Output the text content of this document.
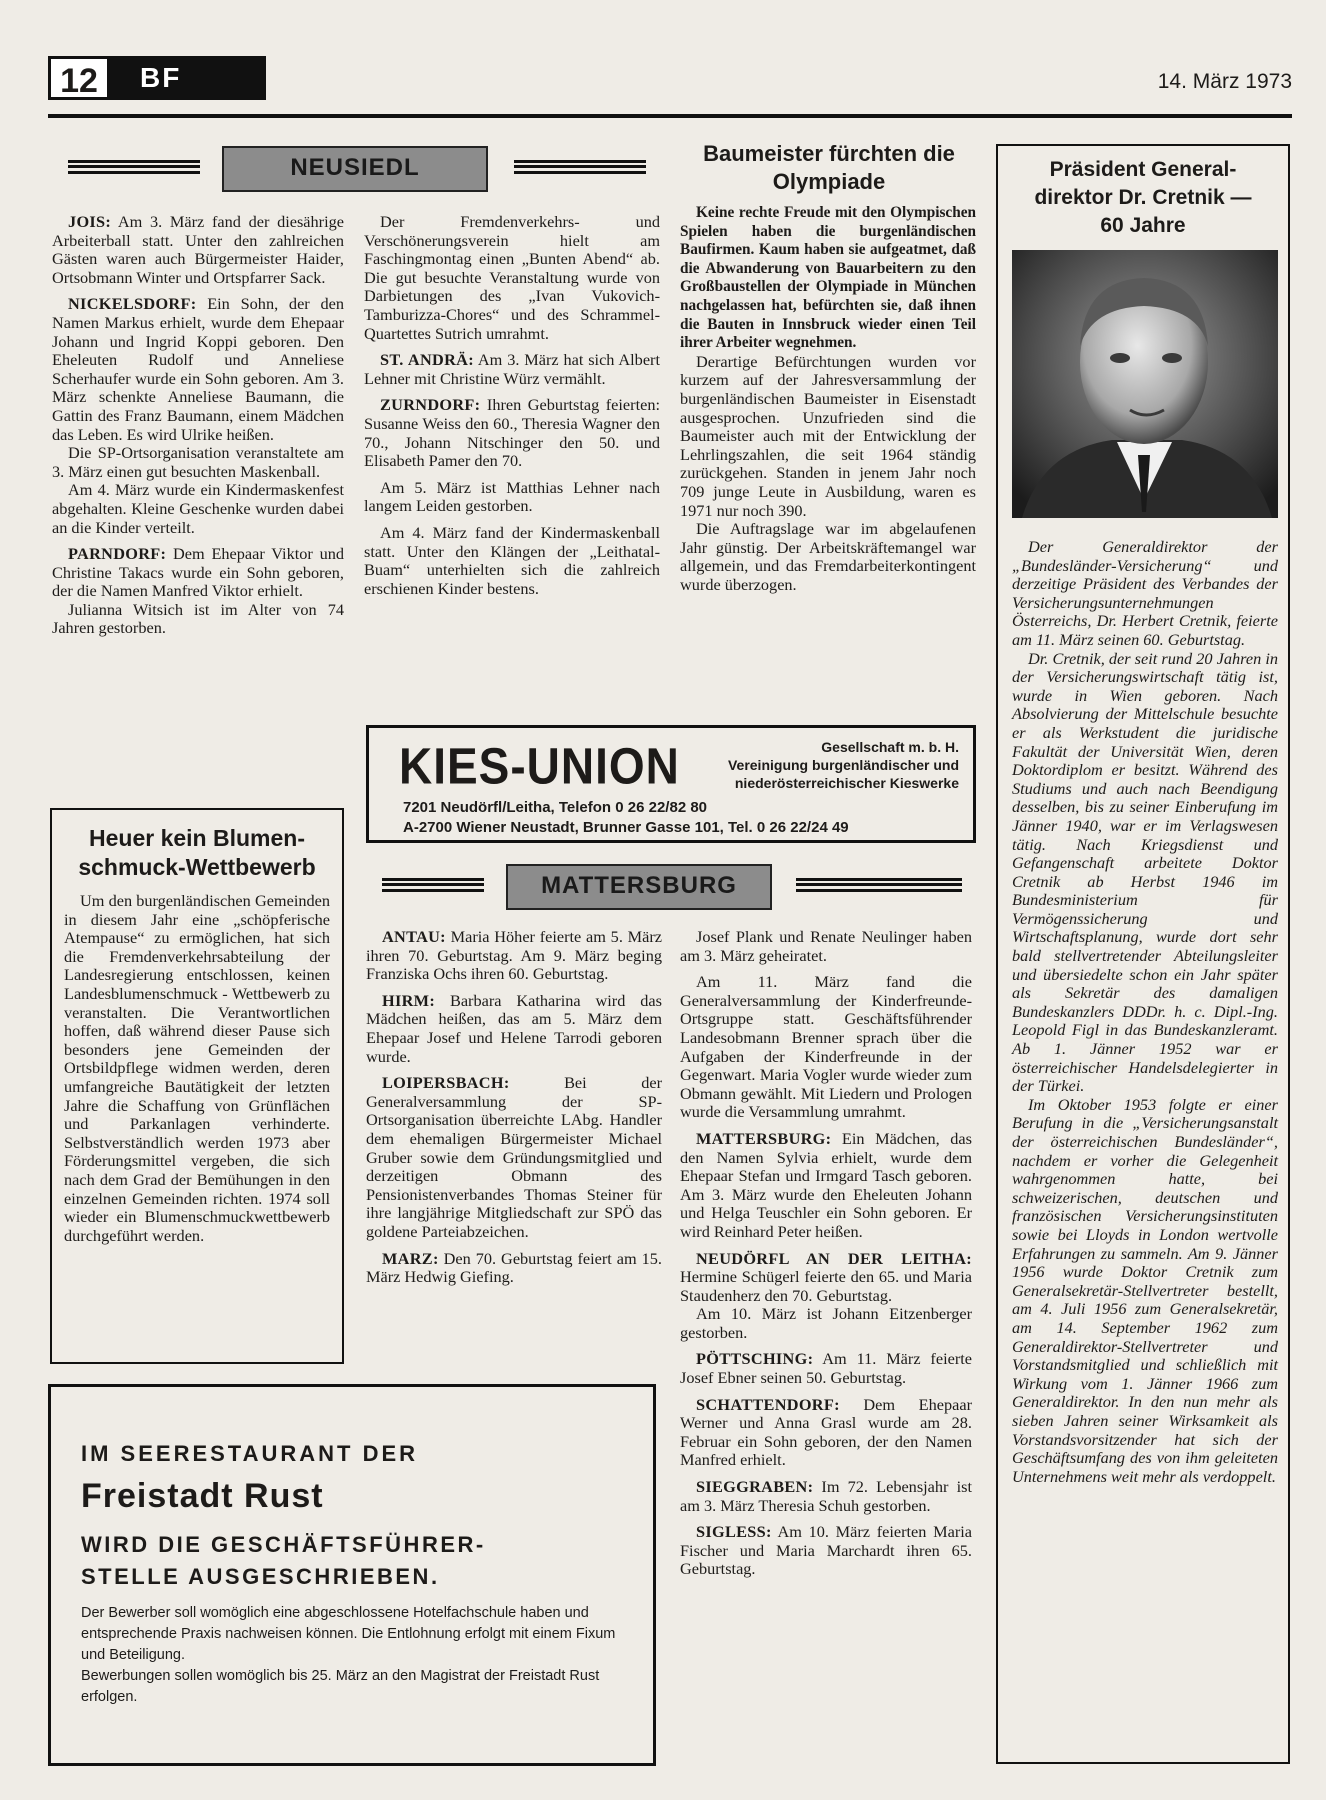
12	BF	14. März 1973
NEUSIEDL

JOIS: Am 3. März fand der diesährige Arbeiterball statt. Unter den zahlreichen Gästen waren auch Bürgermeister Haider, Ortsobmann Winter und Ortspfarrer Sack.

NICKELSDORF: Ein Sohn, der den Namen Markus erhielt, wurde dem Ehepaar Johann und Ingrid Koppi geboren. Den Eheleuten Rudolf und Anneliese Scherhaufer wurde ein Sohn geboren. Am 3. März schenkte Anneliese Baumann, die Gattin des Franz Baumann, einem Mädchen das Leben. Es wird Ulrike heißen.

Die SP-Ortsorganisation veranstaltete am 3. März einen gut besuchten Maskenball.

Am 4. März wurde ein Kindermaskenfest abgehalten. Kleine Geschenke wurden dabei an die Kinder verteilt.

PARNDORF: Dem Ehepaar Viktor und Christine Takacs wurde ein Sohn geboren, der die Namen Manfred Viktor erhielt.

Julianna Witsich ist im Alter von 74 Jahren gestorben.

Der Fremdenverkehrs- und Verschönerungsverein hielt am Faschingmontag einen „Bunten Abend“ ab. Die gut besuchte Veranstaltung wurde von Darbietungen des „Ivan Vukovich-Tamburizza-Chores“ und des Schrammel-Quartettes Sutrich umrahmt.

ST. ANDRÄ: Am 3. März hat sich Albert Lehner mit Christine Würz vermählt.

ZURNDORF: Ihren Geburtstag feierten: Susanne Weiss den 60., Theresia Wagner den 70., Johann Nitschinger den 50. und Elisabeth Pamer den 70.

Am 5. März ist Matthias Lehner nach langem Leiden gestorben.

Am 4. März fand der Kindermaskenball statt. Unter den Klängen der „Leithatal-Buam“ unterhielten sich die zahlreich erschienen Kinder bestens.

Heuer kein Blumen-
schmuck-Wettbewerb

Um den burgenländischen Gemeinden in diesem Jahr eine „schöpferische Atempause“ zu ermöglichen, hat sich die Fremdenverkehrsabteilung der Landesregierung entschlossen, keinen Landesblumenschmuck - Wettbewerb zu veranstalten. Die Verantwortlichen hoffen, daß während dieser Pause sich besonders jene Gemeinden der Ortsbildpflege widmen werden, deren umfangreiche Bautätigkeit der letzten Jahre die Schaffung von Grünflächen und Parkanlagen verhinderte. Selbstverständlich werden 1973 aber Förderungsmittel vergeben, die sich nach dem Grad der Bemühungen in den einzelnen Gemeinden richten. 1974 soll wieder ein Blumenschmuckwettbewerb durchgeführt werden.

Baumeister fürchten die
Olympiade

Keine rechte Freude mit den Olympischen Spielen haben die burgenländischen Baufirmen. Kaum haben sie aufgeatmet, daß die Abwanderung von Bauarbeitern zu den Großbaustellen der Olympiade in München nachgelassen hat, befürchten sie, daß ihnen die Bauten in Innsbruck wieder einen Teil ihrer Arbeiter wegnehmen.

Derartige Befürchtungen wurden vor kurzem auf der Jahresversammlung der burgenländischen Baumeister in Eisenstadt ausgesprochen. Unzufrieden sind die Baumeister auch mit der Entwicklung der Lehrlingszahlen, die seit 1964 ständig zurückgehen. Standen in jenem Jahr noch 709 junge Leute in Ausbildung, waren es 1971 nur noch 390.

Die Auftragslage war im abgelaufenen Jahr günstig. Der Arbeitskräftemangel war allgemein, und das Fremdarbeiterkontingent wurde überzogen.

KIES-UNION	Gesellschaft m. b. H.
Vereinigung burgenländischer und
niederösterreichischer Kieswerke
7201 Neudörfl/Leitha, Telefon 0 26 22/82 80
A-2700 Wiener Neustadt, Brunner Gasse 101, Tel. 0 26 22/24 49
MATTERSBURG

ANTAU: Maria Höher feierte am 5. März ihren 70. Geburtstag. Am 9. März beging Franziska Ochs ihren 60. Geburtstag.

HIRM: Barbara Katharina wird das Mädchen heißen, das am 5. März dem Ehepaar Josef und Helene Tarrodi geboren wurde.

LOIPERSBACH: Bei der Generalversammlung der SP-Ortsorganisation überreichte LAbg. Handler dem ehemaligen Bürgermeister Michael Gruber sowie dem Gründungsmitglied und derzeitigen Obmann des Pensionistenverbandes Thomas Steiner für ihre langjährige Mitgliedschaft zur SPÖ das goldene Parteiabzeichen.

MARZ: Den 70. Geburtstag feiert am 15. März Hedwig Giefing.

Josef Plank und Renate Neulinger haben am 3. März geheiratet.

Am 11. März fand die Generalversammlung der Kinderfreunde-Ortsgruppe statt. Geschäftsführender Landesobmann Brenner sprach über die Aufgaben der Kinderfreunde in der Gegenwart. Maria Vogler wurde wieder zum Obmann gewählt. Mit Liedern und Prologen wurde die Versammlung umrahmt.

MATTERSBURG: Ein Mädchen, das den Namen Sylvia erhielt, wurde dem Ehepaar Stefan und Irmgard Tasch geboren. Am 3. März wurde den Eheleuten Johann und Helga Teuschler ein Sohn geboren. Er wird Reinhard Peter heißen.

NEUDÖRFL AN DER LEITHA: Hermine Schügerl feierte den 65. und Maria Staudenherz den 70. Geburtstag.

Am 10. März ist Johann Eitzenberger gestorben.

PÖTTSCHING: Am 11. März feierte Josef Ebner seinen 50. Geburtstag.

SCHATTENDORF: Dem Ehepaar Werner und Anna Grasl wurde am 28. Februar ein Sohn geboren, der den Namen Manfred erhielt.

SIEGGRABEN: Im 72. Lebensjahr ist am 3. März Theresia Schuh gestorben.

SIGLESS: Am 10. März feierten Maria Fischer und Maria Marchardt ihren 65. Geburtstag.

IM SEERESTAURANT DER
Freistadt Rust
WIRD DIE GESCHÄFTSFÜHRER-
STELLE AUSGESCHRIEBEN.
Der Bewerber soll womöglich eine abgeschlossene Hotelfachschule haben und entsprechende Praxis nachweisen können. Die Entlohnung erfolgt mit einem Fixum und Beteiligung.
Bewerbungen sollen womöglich bis 25. März an den Magistrat der Freistadt Rust erfolgen.
Präsident General-
direktor Dr. Cretnik —
60 Jahre

Der Generaldirektor der „Bundesländer-Versicherung“ und derzeitige Präsident des Verbandes der Versicherungsunternehmungen Österreichs, Dr. Herbert Cretnik, feierte am 11. März seinen 60. Geburtstag.

Dr. Cretnik, der seit rund 20 Jahren in der Versicherungswirtschaft tätig ist, wurde in Wien geboren. Nach Absolvierung der Mittelschule besuchte er als Werkstudent die juridische Fakultät der Universität Wien, deren Doktordiplom er besitzt. Während des Studiums und auch nach Beendigung desselben, bis zu seiner Einberufung im Jänner 1940, war er im Verlagswesen tätig. Nach Kriegsdienst und Gefangenschaft arbeitete Doktor Cretnik ab Herbst 1946 im Bundesministerium für Vermögenssicherung und Wirtschaftsplanung, wurde dort sehr bald stellvertretender Abteilungsleiter und übersiedelte schon ein Jahr später als Sekretär des damaligen Bundeskanzlers DDDr. h. c. Dipl.-Ing. Leopold Figl in das Bundeskanzleramt. Ab 1. Jänner 1952 war er österreichischer Handelsdelegierter in der Türkei.

Im Oktober 1953 folgte er einer Berufung in die „Versicherungsanstalt der österreichischen Bundesländer“, nachdem er vorher die Gelegenheit wahrgenommen hatte, bei schweizerischen, deutschen und französischen Versicherungsinstituten sowie bei Lloyds in London wertvolle Erfahrungen zu sammeln. Am 9. Jänner 1956 wurde Doktor Cretnik zum Generalsekretär-Stellvertreter bestellt, am 4. Juli 1956 zum Generalsekretär, am 14. September 1962 zum Generaldirektor-Stellvertreter und Vorstandsmitglied und schließlich mit Wirkung vom 1. Jänner 1966 zum Generaldirektor. In den nun mehr als sieben Jahren seiner Wirksamkeit als Vorstandsvorsitzender hat sich der Geschäftsumfang des von ihm geleiteten Unternehmens weit mehr als verdoppelt.
